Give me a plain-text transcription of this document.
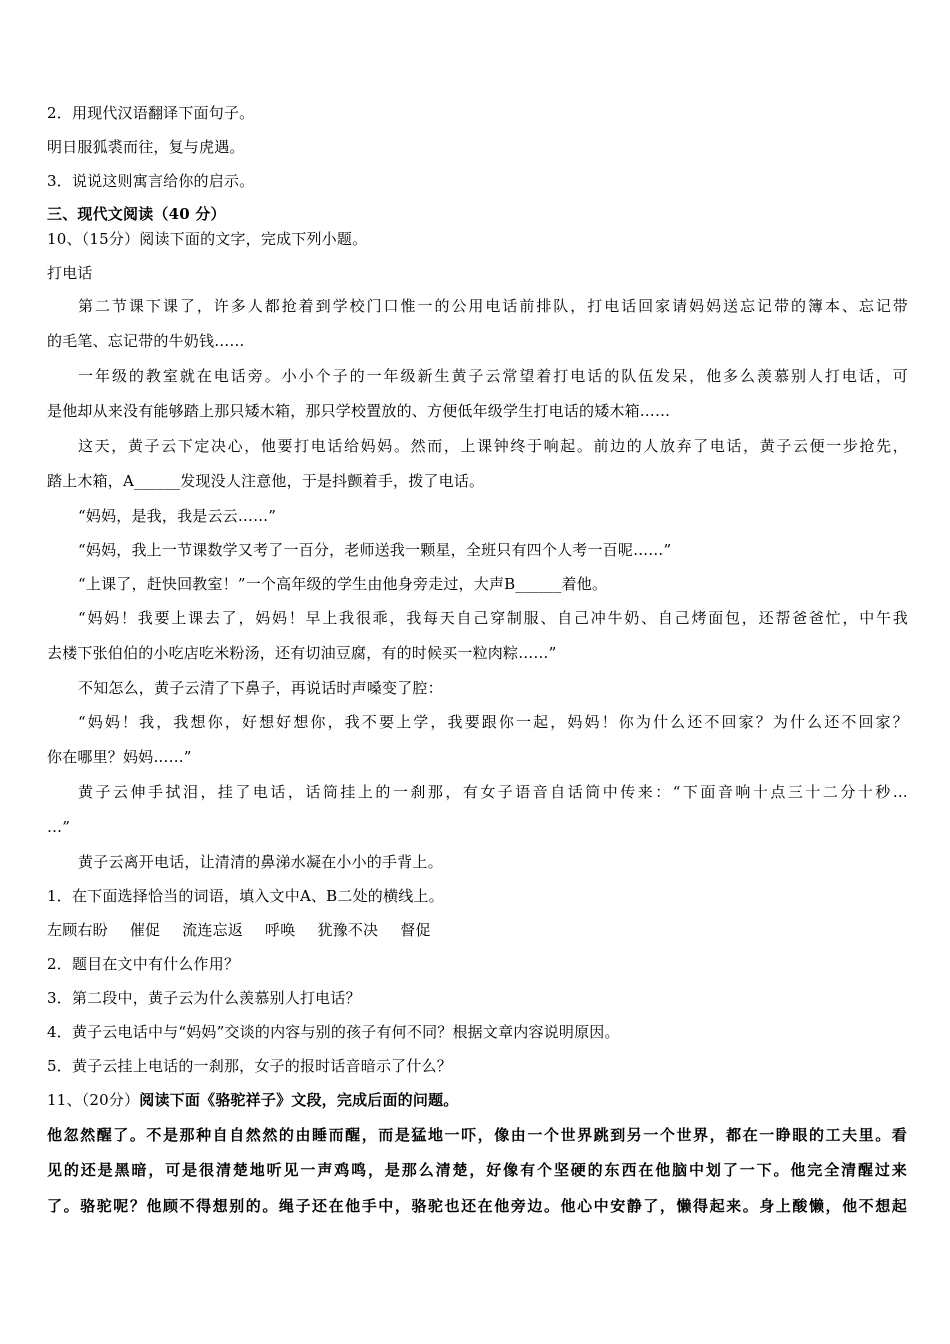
2．用现代汉语翻译下面句子。
明日服狐裘而往，复与虎遇。
3．说说这则寓言给你的启示。
三、现代文阅读（40 分）
10、（15分）阅读下面的文字，完成下列小题。
打电话
第二节课下课了，许多人都抢着到学校门口惟一的公用电话前排队，打电话回家请妈妈送忘记带的簿本、忘记带
的毛笔、忘记带的牛奶钱……
一年级的教室就在电话旁。小小个子的一年级新生黄子云常望着打电话的队伍发呆，他多么羡慕别人打电话，可
是他却从来没有能够踏上那只矮木箱，那只学校置放的、方便低年级学生打电话的矮木箱……
这天，黄子云下定决心，他要打电话给妈妈。然而，上课钟终于响起。前边的人放弃了电话，黄子云便一步抢先，
踏上木箱，A______发现没人注意他，于是抖颤着手，拨了电话。
“妈妈，是我，我是云云……”
“妈妈，我上一节课数学又考了一百分，老师送我一颗星，全班只有四个人考一百呢……”
“上课了，赶快回教室！”一个高年级的学生由他身旁走过，大声B______着他。
“妈妈！我要上课去了，妈妈！早上我很乖，我每天自己穿制服、自己冲牛奶、自己烤面包，还帮爸爸忙，中午我
去楼下张伯伯的小吃店吃米粉汤，还有切油豆腐，有的时候买一粒肉粽……”
不知怎么，黄子云清了下鼻子，再说话时声嗓变了腔：
“妈妈！我，我想你，好想好想你，我不要上学，我要跟你一起，妈妈！你为什么还不回家？为什么还不回家？
你在哪里？妈妈……”
黄子云伸手拭泪，挂了电话，话筒挂上的一刹那，有女子语音自话筒中传来：“下面音响十点三十二分十秒…
…”
黄子云离开电话，让清清的鼻涕水凝在小小的手背上。
1．在下面选择恰当的词语，填入文中A、B二处的横线上。
左顾右盼 催促 流连忘返 呼唤 犹豫不决 督促
2．题目在文中有什么作用？
3．第二段中，黄子云为什么羡慕别人打电话？
4．黄子云电话中与“妈妈”交谈的内容与别的孩子有何不同？根据文章内容说明原因。
5．黄子云挂上电话的一刹那，女子的报时话音暗示了什么？
11、（20分）阅读下面《骆驼祥子》文段，完成后面的问题。
他忽然醒了。不是那种自自然然的由睡而醒，而是猛地一吓，像由一个世界跳到另一个世界，都在一睁眼的工夫里。看
见的还是黑暗，可是很清楚地听见一声鸡鸣，是那么清楚，好像有个坚硬的东西在他脑中划了一下。他完全清醒过来
了。骆驼呢？他顾不得想别的。绳子还在他手中，骆驼也还在他旁边。他心中安静了，懒得起来。身上酸懒，他不想起
